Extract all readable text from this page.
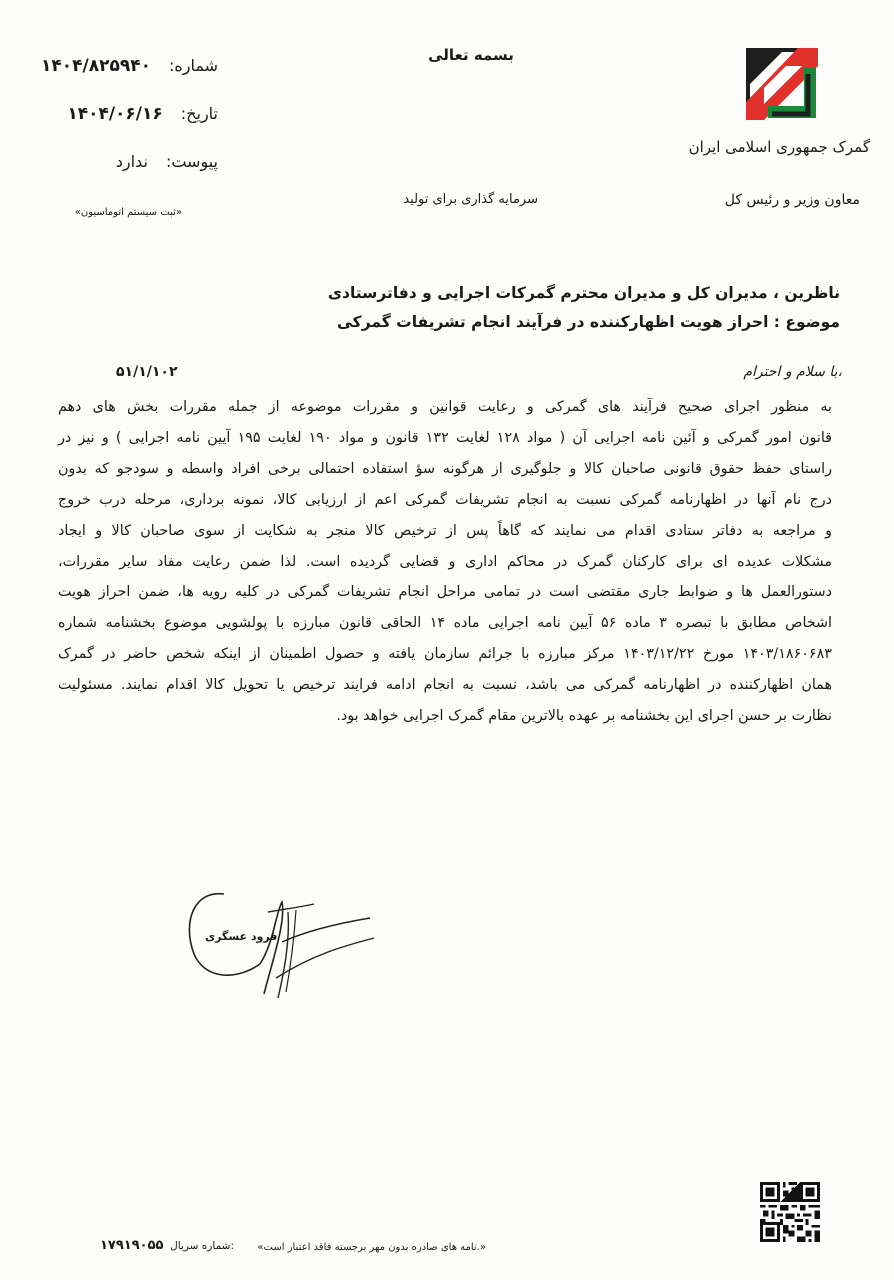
بسمه تعالی
گمرک جمهوری اسلامی ایران
معاون وزیر و رئیس کل
سرمایه گذاری برای تولید
شماره:
۱۴۰۴/۸۲۵۹۴۰
تاریخ:
۱۴۰۴/۰۶/۱۶
پیوست:
ندارد
«ثبت سیستم اتوماسیون»
ناظرین ، مدیران کل و مدیران محترم گمرکات اجرایی و دفاترستادی
موضوع : احراز هویت اظهارکننده در فرآیند انجام تشریفات گمرکی
با سلام و احترام،
۵۱/۱/۱۰۲
به منظور اجرای صحیح فرآیند های گمرکی و رعایت قوانین و مقررات موضوعه از جمله مقررات بخش های دهم
قانون امور گمرکی و آئین نامه اجرایی آن ( مواد ۱۲۸ لغایت ۱۳۲ قانون و مواد ۱۹۰ لغایت ۱۹۵ آیین نامه اجرایی ) و نیز در
راستای حفظ حقوق قانونی صاحبان کالا و جلوگیری از هرگونه سؤ استفاده احتمالی برخی افراد واسطه و سودجو که بدون
درج نام آنها در اظهارنامه گمرکی نسبت به انجام تشریفات گمرکی اعم از ارزیابی کالا، نمونه برداری، مرحله درب خروج
و مراجعه به دفاتر ستادی اقدام می نمایند که گاهاً پس از ترخیص کالا منجر به شکایت از سوی صاحبان کالا و ایجاد
مشکلات عدیده ای برای کارکنان گمرک در محاکم اداری و قضایی گردیده است. لذا ضمن رعایت مفاد سایر مقررات،
دستورالعمل ها و ضوابط جاری مقتضی است در تمامی مراحل انجام تشریفات گمرکی در کلیه رویه ها، ضمن احراز هویت
اشخاص مطابق با تبصره ۳ ماده ۵۶ آیین نامه اجرایی ماده ۱۴ الحاقی قانون مبارزه با پولشویی موضوع بخشنامه شماره
۱۴۰۳/۱۸۶۰۶۸۳ مورخ ۱۴۰۳/۱۲/۲۲ مرکز مبارزه با جرائم سازمان یافته و حصول اطمینان از اینکه شخص حاضر در گمرک
همان اظهارکننده در اظهارنامه گمرکی می باشد، نسبت به انجام ادامه فرایند ترخیص یا تحویل کالا اقدام نمایند. مسئولیت
نظارت بر حسن اجرای این بخشنامه بر عهده بالاترین مقام گمرک اجرایی خواهد بود.
فرود عسگری
«نامه های صادره بدون مهر برجسته فاقد اعتبار است.»
شماره سریال:
۱۷۹۱۹۰۵۵
